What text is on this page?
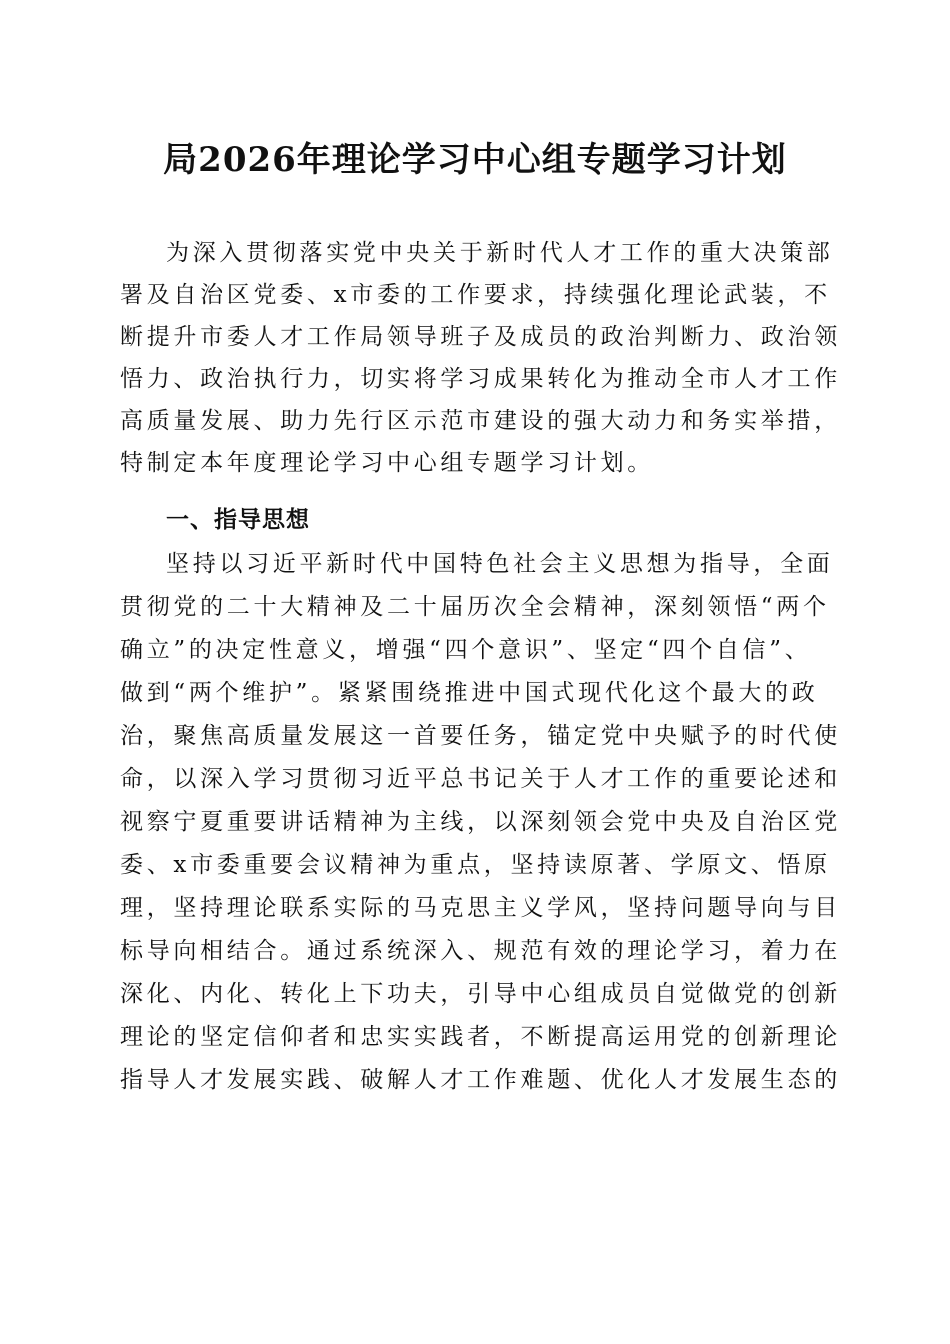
局2026年理论学习中心组专题学习计划
为深入贯彻落实党中央关于新时代人才工作的重大决策部
署及自治区党委、x市委的工作要求，持续强化理论武装，不
断提升市委人才工作局领导班子及成员的政治判断力、政治领
悟力、政治执行力，切实将学习成果转化为推动全市人才工作
高质量发展、助力先行区示范市建设的强大动力和务实举措，
特制定本年度理论学习中心组专题学习计划。
一、指导思想
坚持以习近平新时代中国特色社会主义思想为指导，全面
贯彻党的二十大精神及二十届历次全会精神，深刻领悟“两个
确立”的决定性意义，增强“四个意识”、坚定“四个自信”、
做到“两个维护”。紧紧围绕推进中国式现代化这个最大的政
治，聚焦高质量发展这一首要任务，锚定党中央赋予的时代使
命，以深入学习贯彻习近平总书记关于人才工作的重要论述和
视察宁夏重要讲话精神为主线，以深刻领会党中央及自治区党
委、x市委重要会议精神为重点，坚持读原著、学原文、悟原
理，坚持理论联系实际的马克思主义学风，坚持问题导向与目
标导向相结合。通过系统深入、规范有效的理论学习，着力在
深化、内化、转化上下功夫，引导中心组成员自觉做党的创新
理论的坚定信仰者和忠实实践者，不断提高运用党的创新理论
指导人才发展实践、破解人才工作难题、优化人才发展生态的
